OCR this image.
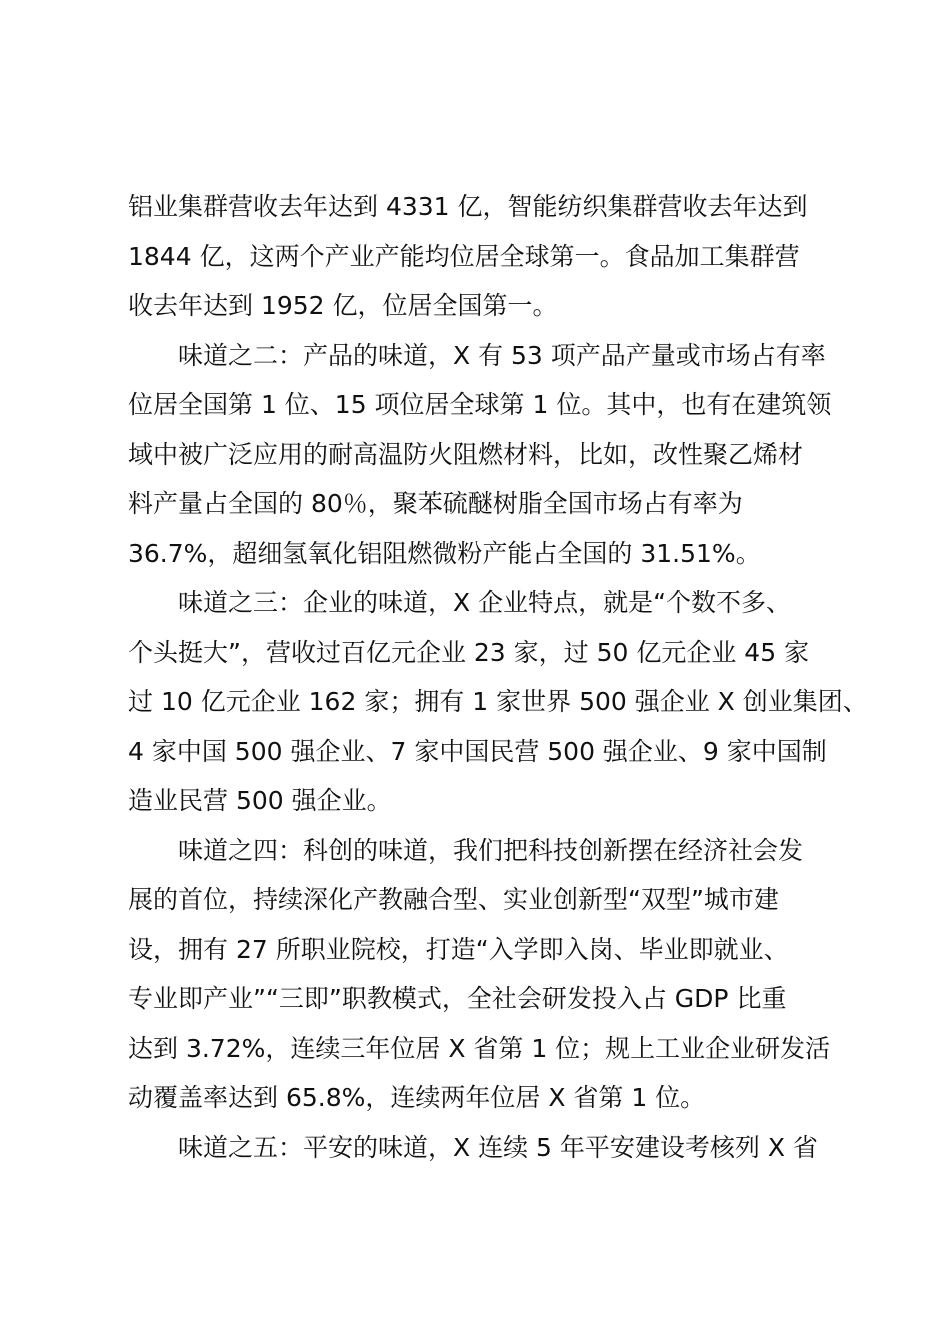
铝业集群营收去年达到 4331 亿，智能纺织集群营收去年达到
1844 亿，这两个产业产能均位居全球第一。食品加工集群营
收去年达到 1952 亿，位居全国第一。
味道之二：产品的味道，X 有 53 项产品产量或市场占有率
位居全国第 1 位、15 项位居全球第 1 位。其中，也有在建筑领
域中被广泛应用的耐高温防火阻燃材料，比如，改性聚乙烯材
料产量占全国的 80％，聚苯硫醚树脂全国市场占有率为
36.7%，超细氢氧化铝阻燃微粉产能占全国的 31.51%。
味道之三：企业的味道，X 企业特点，就是“个数不多、
个头挺大”，营收过百亿元企业 23 家，过 50 亿元企业 45 家
过 10 亿元企业 162 家；拥有 1 家世界 500 强企业 X 创业集团、
4 家中国 500 强企业、7 家中国民营 500 强企业、9 家中国制
造业民营 500 强企业。
味道之四：科创的味道，我们把科技创新摆在经济社会发
展的首位，持续深化产教融合型、实业创新型“双型”城市建
设，拥有 27 所职业院校，打造“入学即入岗、毕业即就业、
专业即产业”“三即”职教模式，全社会研发投入占 GDP 比重
达到 3.72%，连续三年位居 X 省第 1 位；规上工业企业研发活
动覆盖率达到 65.8%，连续两年位居 X 省第 1 位。
味道之五：平安的味道，X 连续 5 年平安建设考核列 X 省
